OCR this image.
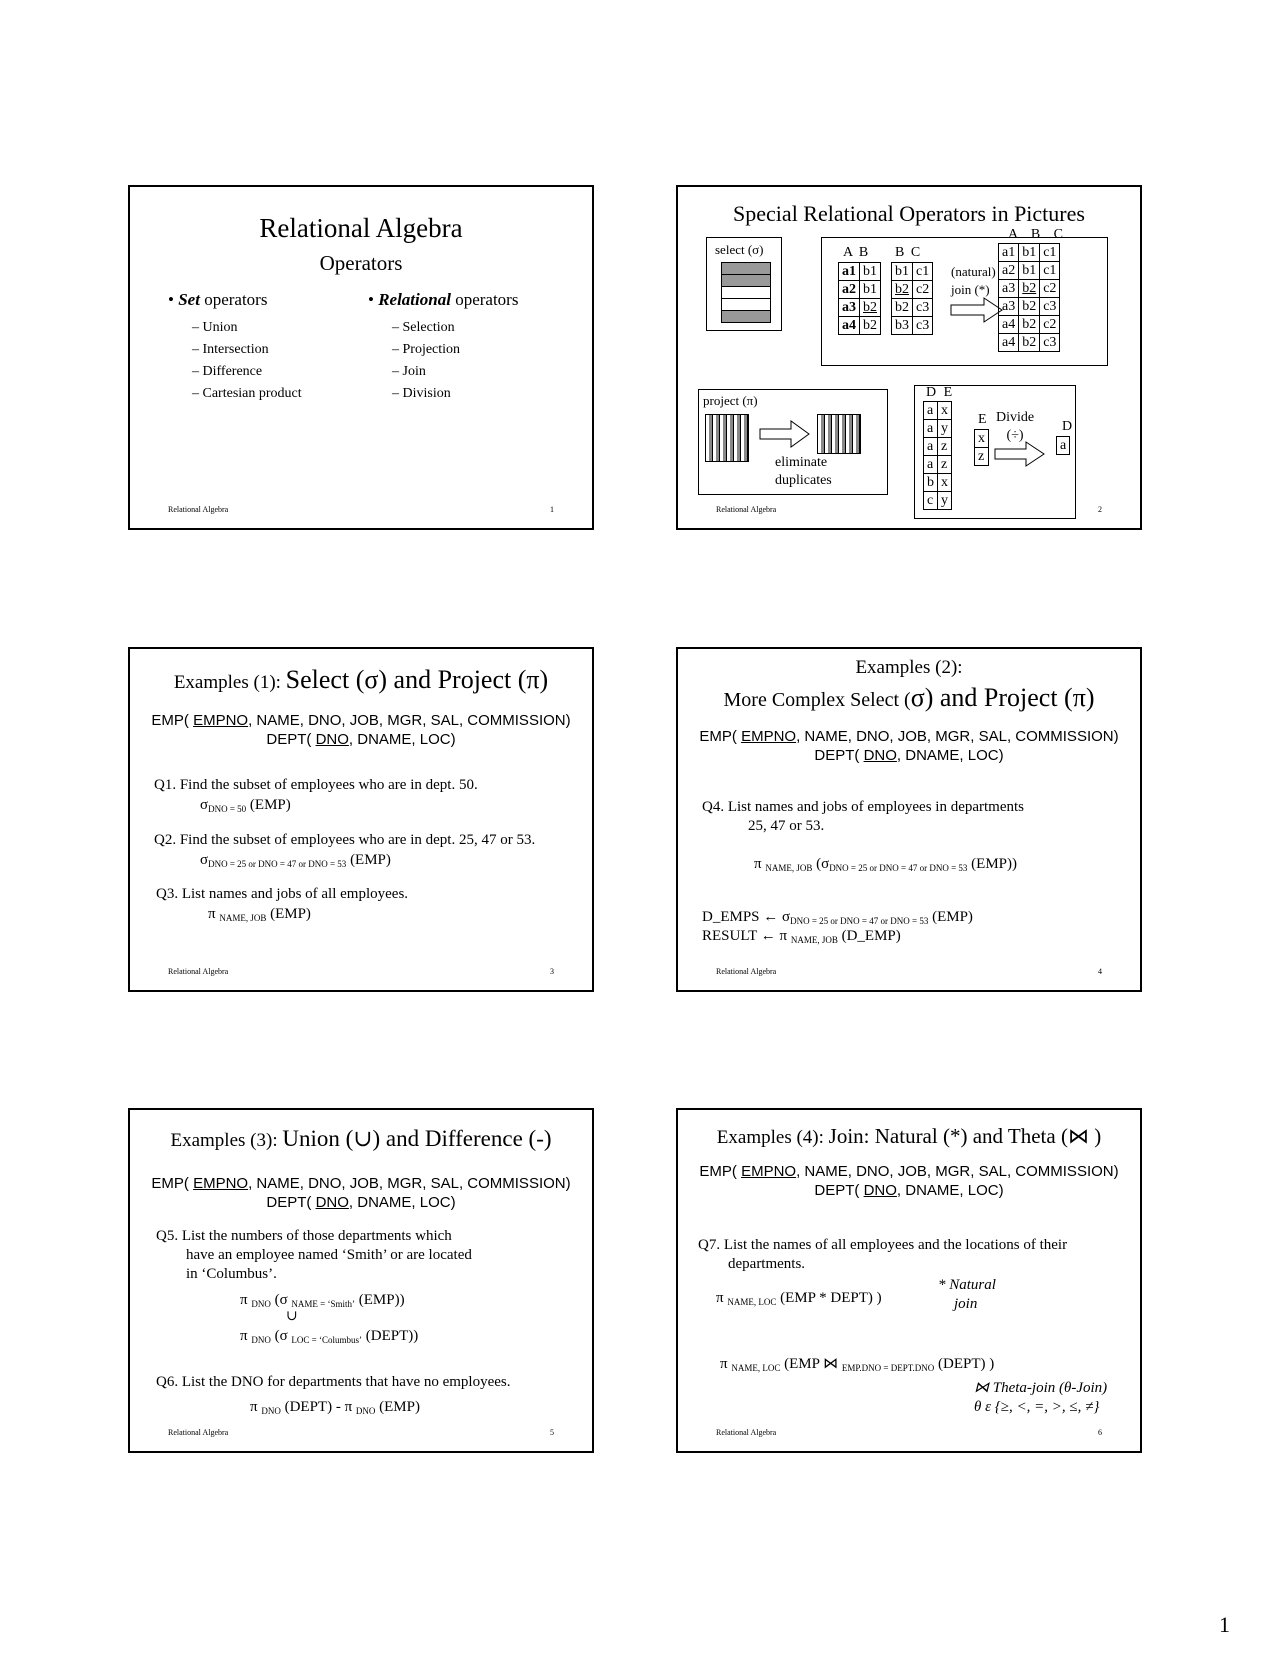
Relational Algebra
Operators
• Set operators
– Union
– Intersection
– Difference
– Cartesian product
• Relational operators
– Selection
– Projection
– Join
– Division
Relational Algebra	1
Special Relational Operators in Pictures
select (σ)	A B
a1	b1
a2	b1
a3	b2
a4	b2
B C
b1	c1
b2	c2
b2	c3
b3	c3
(natural)
join (*)
A B C
a1	b1	c1
a2	b1	c1
a3	b2	c2
a3	b2	c3
a4	b2	c2
a4	b2	c3
project (π)
eliminate
duplicates
D E
a	x
a	y
a	z
a	z
b	x
c	y
E
x
z
Divide
(÷)
D
a
Relational Algebra	2
Examples (1): Select (σ) and Project (π)
EMP( EMPNO, NAME, DNO, JOB, MGR, SAL, COMMISSION)
DEPT( DNO, DNAME, LOC)
Q1. Find the subset of employees who are in dept. 50.
$\sigma_{DNO = 50}$ (EMP)
Q2. Find the subset of employees who are in dept. 25, 47 or 53.
$\sigma_{DNO = 25 or DNO = 47 or DNO = 53}$ (EMP)
Q3. List names and jobs of all employees.
π $_{NAME, JOB}$ (EMP)
Relational Algebra	3
Examples (2):
More Complex Select (σ) and Project (π)
EMP( EMPNO, NAME, DNO, JOB, MGR, SAL, COMMISSION)
DEPT( DNO, DNAME, LOC)
Q4. List names and jobs of employees in departments
25, 47 or 53.
π $_{NAME, JOB}$ ($\sigma_{DNO = 25 or DNO = 47 or DNO = 53}$ (EMP))
D_EMPS ← $\sigma_{DNO = 25 or DNO = 47 or DNO = 53}$ (EMP)
RESULT ← π $_{NAME, JOB}$ (D_EMP)
Relational Algebra	4
Examples (3): Union (∪) and Difference (-)
EMP( EMPNO, NAME, DNO, JOB, MGR, SAL, COMMISSION)
DEPT( DNO, DNAME, LOC)
Q5. List the numbers of those departments which
have an employee named ‘Smith’ or are located
in ‘Columbus’.
π $_{DNO}$ (σ $_{NAME = ‘Smith’}$ (EMP))
∪
π $_{DNO}$ (σ $_{LOC = ‘Columbus’}$ (DEPT))
Q6. List the DNO for departments that have no employees.
π $_{DNO}$ (DEPT) - π $_{DNO}$ (EMP)
Relational Algebra	5
Examples (4): Join: Natural (*) and Theta (⋈ )
EMP( EMPNO, NAME, DNO, JOB, MGR, SAL, COMMISSION)
DEPT( DNO, DNAME, LOC)
Q7. List the names of all employees and the locations of their
departments.
π $_{NAME, LOC}$ (EMP * DEPT) )
* Natural
join
π $_{NAME, LOC}$ (EMP ⋈ $_{EMP.DNO = DEPT.DNO}$ (DEPT) )
⋈ Theta-join (θ-Join)
θ ε {≥, <, =, >, ≤, ≠}
Relational Algebra	6
1
